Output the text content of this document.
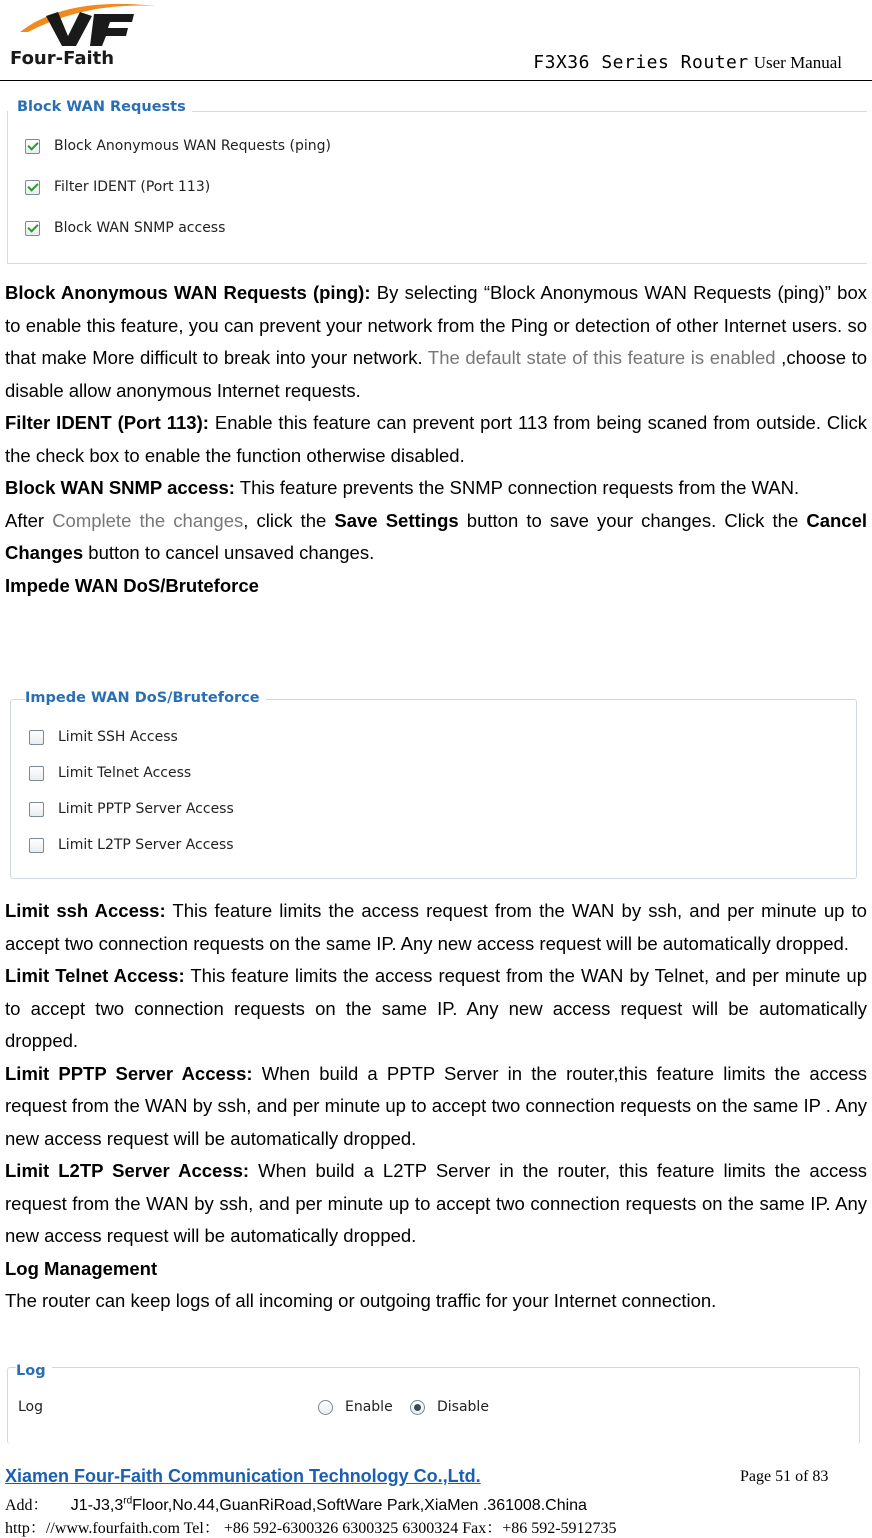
Four-Faith	F3X36 Series Router User Manual
Block WAN Requests
Block Anonymous WAN Requests (ping)
Filter IDENT (Port 113)
Block WAN SNMP access

Block Anonymous WAN Requests (ping): By selecting “Block Anonymous WAN Requests (ping)” box to enable this feature, you can prevent your network from the Ping or detection of other Internet users. so that make More difficult to break into your network. The default state of this feature is enabled ,choose to disable allow anonymous Internet requests.

Filter IDENT (Port 113): Enable this feature can prevent port 113 from being scaned from outside. Click the check box to enable the function otherwise disabled.

Block WAN SNMP access: This feature prevents the SNMP connection requests from the WAN.

After Complete the changes, click the Save Settings button to save your changes. Click the Cancel Changes button to cancel unsaved changes.

Impede WAN DoS/Bruteforce

Impede WAN DoS/Bruteforce
Limit SSH Access
Limit Telnet Access
Limit PPTP Server Access
Limit L2TP Server Access

Limit ssh Access: This feature limits the access request from the WAN by ssh, and per minute up to accept two connection requests on the same IP. Any new access request will be automatically dropped.

Limit Telnet Access: This feature limits the access request from the WAN by Telnet, and per minute up to accept two connection requests on the same IP. Any new access request will be automatically dropped.

Limit PPTP Server Access: When build a PPTP Server in the router,this feature limits the access request from the WAN by ssh, and per minute up to accept two connection requests on the same IP . Any new access request will be automatically dropped.

Limit L2TP Server Access: When build a L2TP Server in the router, this feature limits the access request from the WAN by ssh, and per minute up to accept two connection requests on the same IP. Any new access request will be automatically dropped.

Log Management

The router can keep logs of all incoming or outgoing traffic for your Internet connection.

Log
Log	Enable	Disable
Xiamen Four-Faith Communication Technology Co.,Ltd.	Page 51 of 83
Add： J1-J3,3rdFloor,No.44,GuanRiRoad,SoftWare Park,XiaMen .361008.China
http：//www.fourfaith.com Tel： +86 592-6300326 6300325 6300324 Fax：+86 592-5912735
